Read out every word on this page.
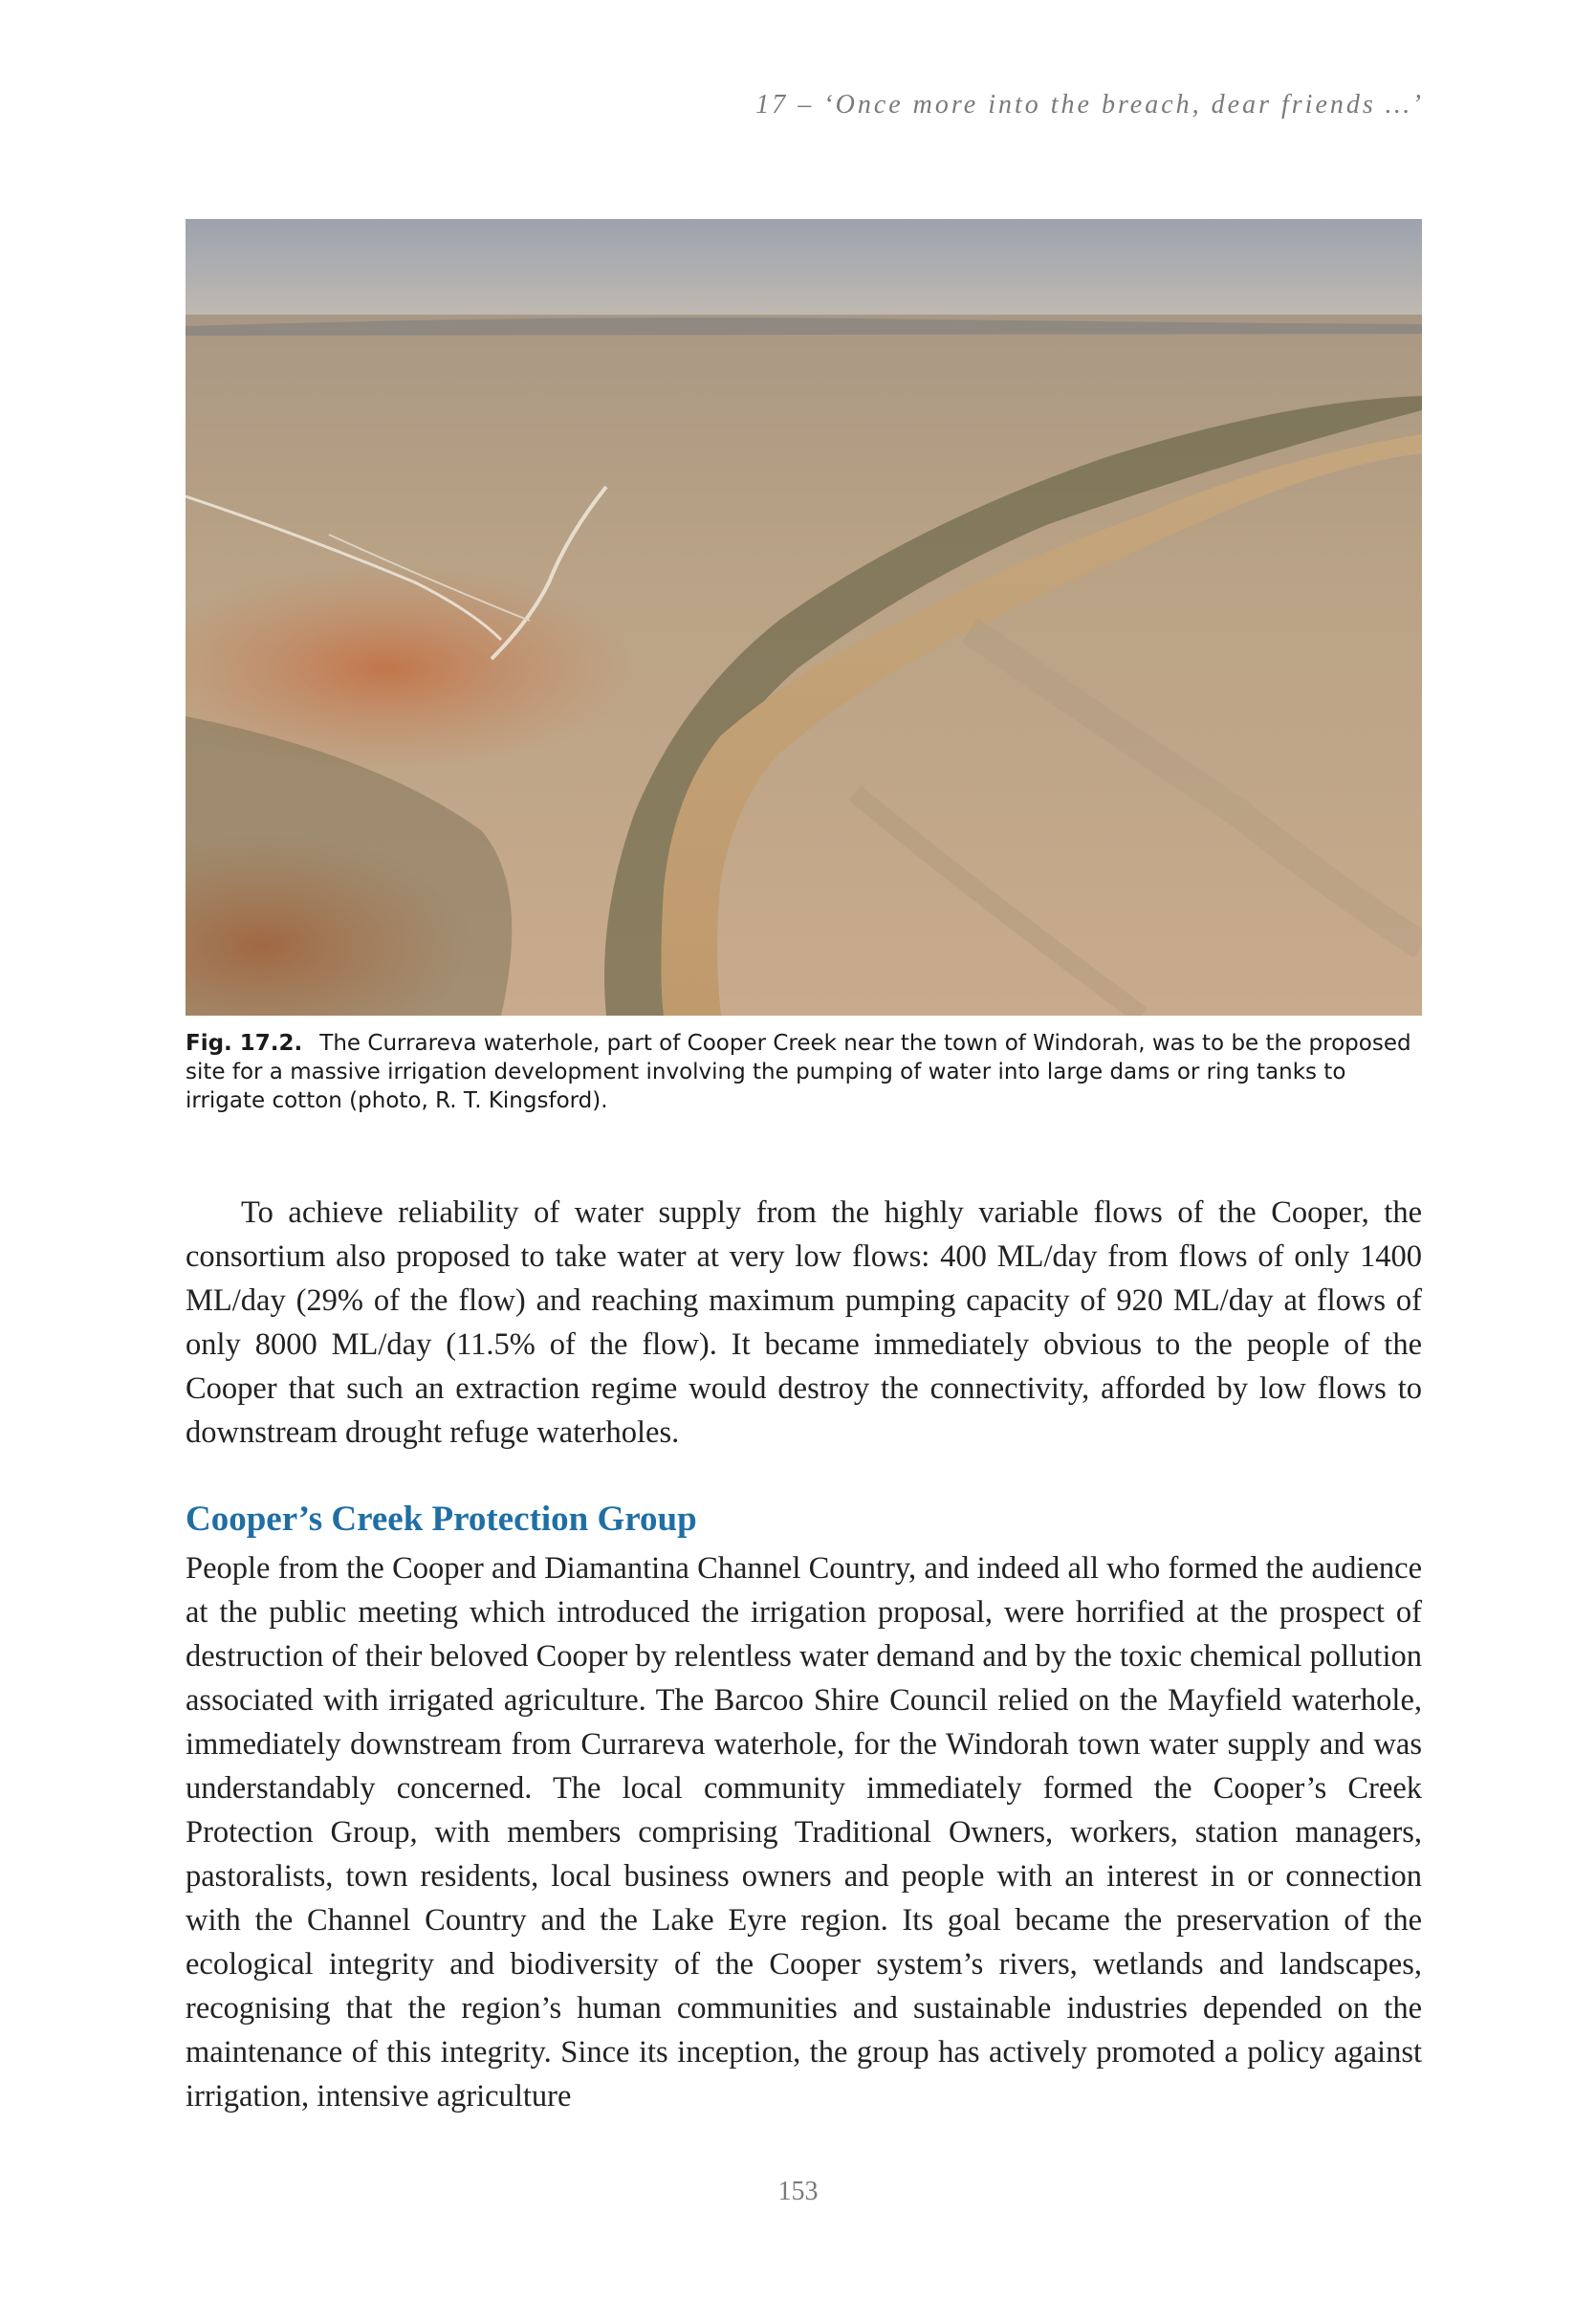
17 – ‘Once more into the breach, dear friends …’
Fig. 17.2. The Currareva waterhole, part of Cooper Creek near the town of Windorah, was to be the proposed site for a massive irrigation development involving the pumping of water into large dams or ring tanks to irrigate cotton (photo, R. T. Kingsford).

To achieve reliability of water supply from the highly variable flows of the Cooper, the consortium also proposed to take water at very low flows: 400 ML/day from flows of only 1400 ML/day (29% of the flow) and reaching maximum pumping capacity of 920 ML/day at flows of only 8000 ML/day (11.5% of the flow). It became immediately obvious to the people of the Cooper that such an extraction regime would destroy the connectivity, afforded by low flows to downstream drought refuge waterholes.

Cooper’s Creek Protection Group

People from the Cooper and Diamantina Channel Country, and indeed all who formed the audience at the public meeting which introduced the irrigation proposal, were horrified at the prospect of destruction of their beloved Cooper by relentless water demand and by the toxic chemical pollution associated with irrigated agriculture. The Barcoo Shire Council relied on the Mayfield waterhole, immediately downstream from Currareva waterhole, for the Windorah town water supply and was understandably concerned. The local community immediately formed the Cooper’s Creek Protection Group, with members comprising Traditional Owners, workers, station managers, pastoralists, town residents, local business owners and people with an interest in or connection with the Channel Country and the Lake Eyre region. Its goal became the preservation of the ecological integrity and biodiversity of the Cooper system’s rivers, wetlands and landscapes, recognising that the region’s human communities and sustainable industries depended on the maintenance of this integrity. Since its inception, the group has actively promoted a policy against irrigation, intensive agriculture

153
